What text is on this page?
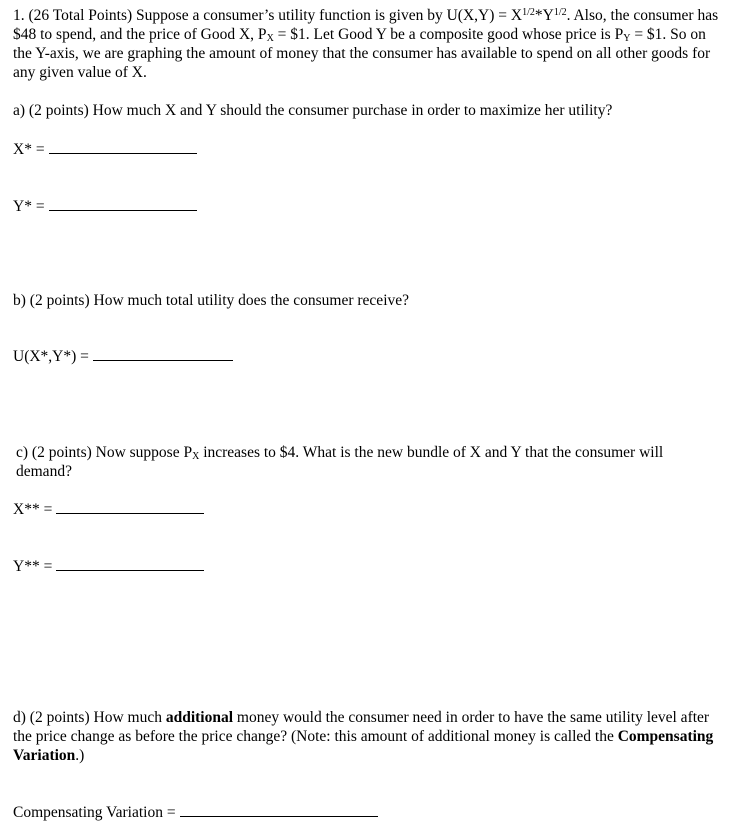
1. (26 Total Points) Suppose a consumer’s utility function is given by $U(X,Y) = X^{1/2}*Y^{1/2}$. Also, the consumer has $48 to spend, and the price of Good X, $P_X$ = $1. Let Good Y be a composite good whose price is $P_Y$ = $1. So on the Y-axis, we are graphing the amount of money that the consumer has available to spend on all other goods for any given value of X.

a) (2 points) How much X and Y should the consumer purchase in order to maximize her utility?
X* =
Y* =
b) (2 points) How much total utility does the consumer receive?
U(X*,Y*) =

c) (2 points) Now suppose $P_X$ increases to $4. What is the new bundle of X and Y that the consumer will demand?

X** =
Y** =

d) (2 points) How much additional money would the consumer need in order to have the same utility level after the price change as before the price change? (Note: this amount of additional money is called the Compensating Variation.)

Compensating Variation =
